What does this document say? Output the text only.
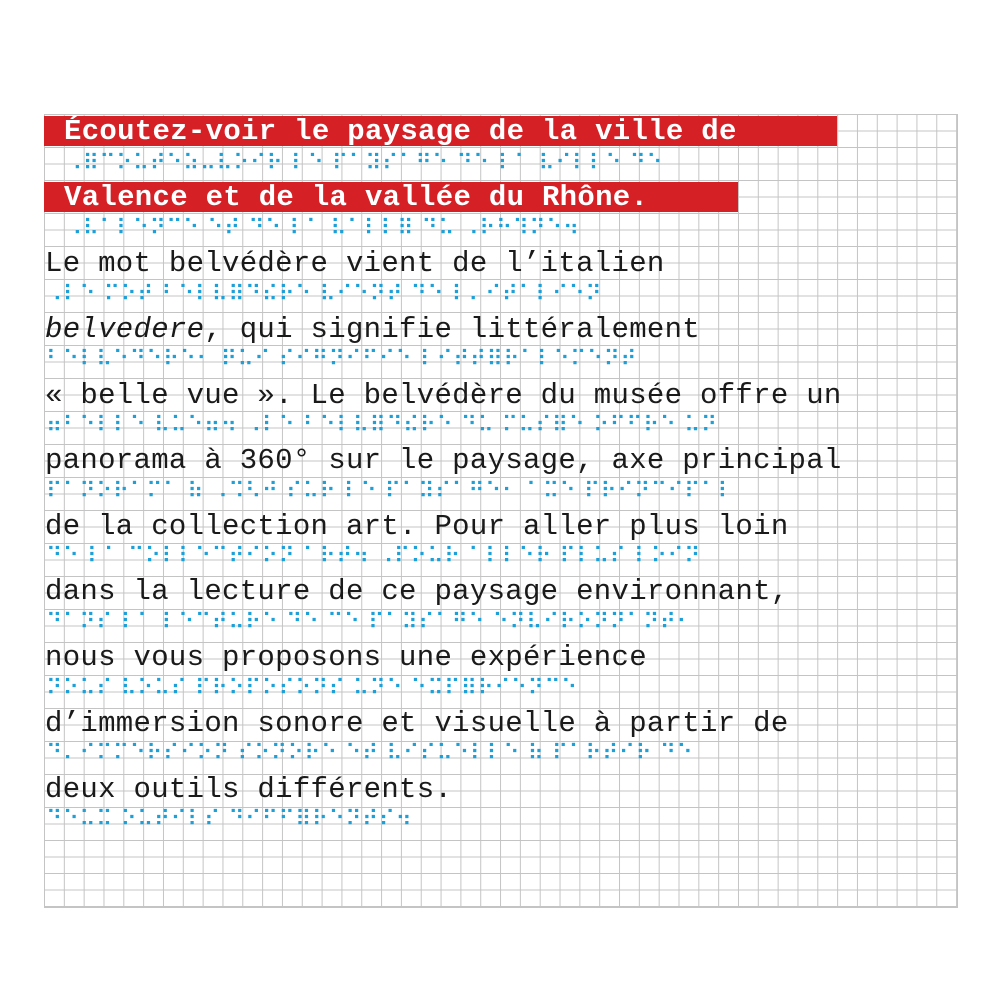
Écoutez-voir le paysage de la ville de
⠠⠿⠉⠕⠥⠞⠑⠵⠤⠧⠕⠊⠗ ⠇⠑ ⠏⠁⠽⠎⠁⠛⠑ ⠙⠑ ⠇⠁ ⠧⠊⠇⠇⠑ ⠙⠑
Valence et de la vallée du Rhône.
⠠⠧⠁⠇⠑⠝⠉⠑ ⠑⠞ ⠙⠑ ⠇⠁ ⠧⠁⠇⠇⠿ ⠙⠥ ⠠⠗⠓⠹⠝⠑⠲
Le mot belvédère vient de l’italien
⠠⠇⠑ ⠍⠕⠞ ⠃⠑⠇⠧⠿⠙⠮⠗⠑ ⠧⠊⠑⠝⠞ ⠙⠑ ⠇⠄⠊⠞⠁⠇⠊⠑⠝
belvedere, qui signifie littéralement
⠃⠑⠇⠧⠑⠙⠑⠗⠑⠂ ⠟⠥⠊ ⠎⠊⠛⠝⠊⠋⠊⠑ ⠇⠊⠞⠞⠿⠗⠁⠇⠑⠍⠑⠝⠞
« belle vue ». Le belvédère du musée offre un
⠶⠃⠑⠇⠇⠑ ⠧⠥⠑⠶⠲ ⠠⠇⠑ ⠃⠑⠇⠧⠿⠙⠮⠗⠑ ⠙⠥ ⠍⠥⠎⠿⠑ ⠕⠋⠋⠗⠑ ⠥⠝
panorama à 360° sur le paysage, axe principal
⠏⠁⠝⠕⠗⠁⠍⠁ ⠷ ⠠⠩⠣⠚ ⠎⠥⠗ ⠇⠑ ⠏⠁⠽⠎⠁⠛⠑⠂ ⠁⠭⠑ ⠏⠗⠊⠝⠉⠊⠏⠁⠇
de la collection art. Pour aller plus loin
⠙⠑ ⠇⠁ ⠉⠕⠇⠇⠑⠉⠞⠊⠕⠝ ⠁⠗⠞⠲ ⠠⠏⠕⠥⠗ ⠁⠇⠇⠑⠗ ⠏⠇⠥⠎ ⠇⠕⠊⠝
dans la lecture de ce paysage environnant,
⠙⠁⠝⠎ ⠇⠁ ⠇⠑⠉⠞⠥⠗⠑ ⠙⠑ ⠉⠑ ⠏⠁⠽⠎⠁⠛⠑ ⠑⠝⠧⠊⠗⠕⠝⠝⠁⠝⠞⠂
nous vous proposons une expérience
⠝⠕⠥⠎ ⠧⠕⠥⠎ ⠏⠗⠕⠏⠕⠎⠕⠝⠎ ⠥⠝⠑ ⠑⠭⠏⠿⠗⠊⠑⠝⠉⠑
d’immersion sonore et visuelle à partir de
⠙⠄⠊⠍⠍⠑⠗⠎⠊⠕⠝ ⠎⠕⠝⠕⠗⠑ ⠑⠞ ⠧⠊⠎⠥⠑⠇⠇⠑ ⠷ ⠏⠁⠗⠞⠊⠗ ⠙⠑
deux outils différents.
⠙⠑⠥⠭ ⠕⠥⠞⠊⠇⠎ ⠙⠊⠋⠋⠿⠗⠑⠝⠞⠎⠲
